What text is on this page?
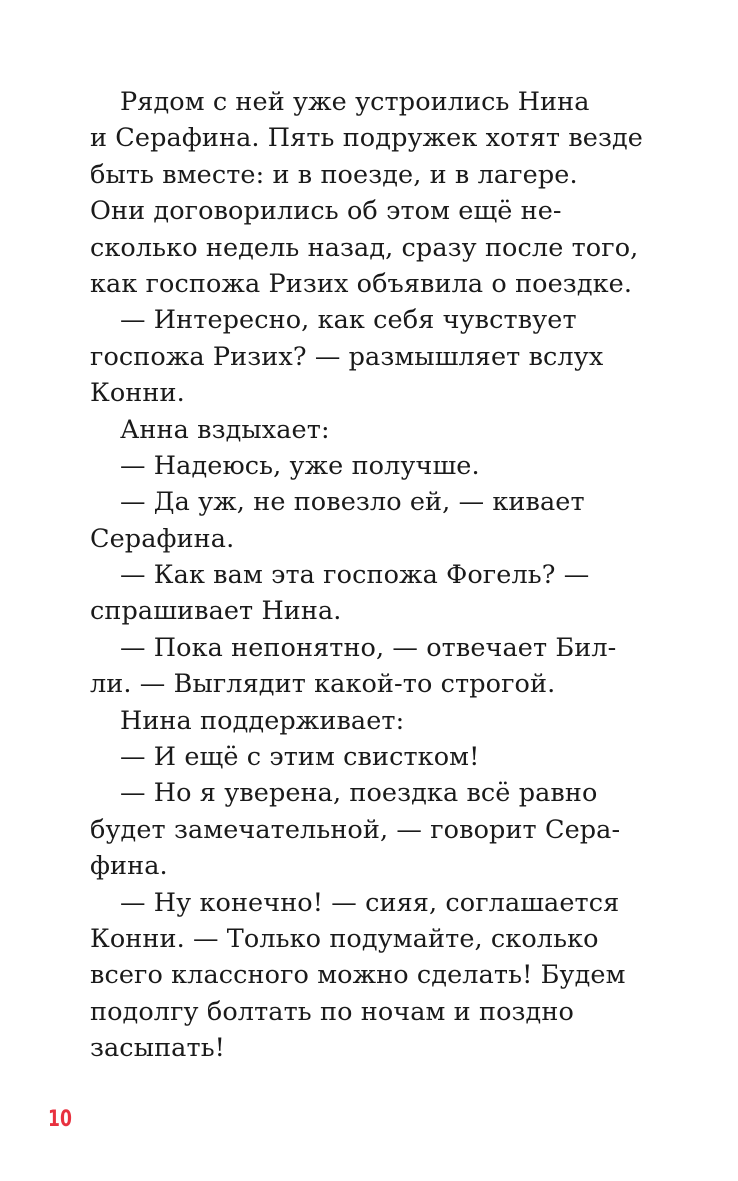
Рядом с ней уже устроились Нина
и Серафина. Пять подружек хотят везде
быть вместе: и в поезде, и в лагере.
Они договорились об этом ещё не-
сколько недель назад, сразу после того,
как госпожа Ризих объявила о поездке.
— Интересно, как себя чувствует
госпожа Ризих? — размышляет вслух
Конни.
Анна вздыхает:
— Надеюсь, уже получше.
— Да уж, не повезло ей, — кивает
Серафина.
— Как вам эта госпожа Фогель? —
спрашивает Нина.
— Пока непонятно, — отвечает Бил-
ли. — Выглядит какой-то строгой.
Нина поддерживает:
— И ещё с этим свистком!
— Но я уверена, поездка всё равно
будет замечательной, — говорит Сера-
фина.
— Ну конечно! — сияя, соглашается
Конни. — Только подумайте, сколько
всего классного можно сделать! Будем
подолгу болтать по ночам и поздно
засыпать!
10
